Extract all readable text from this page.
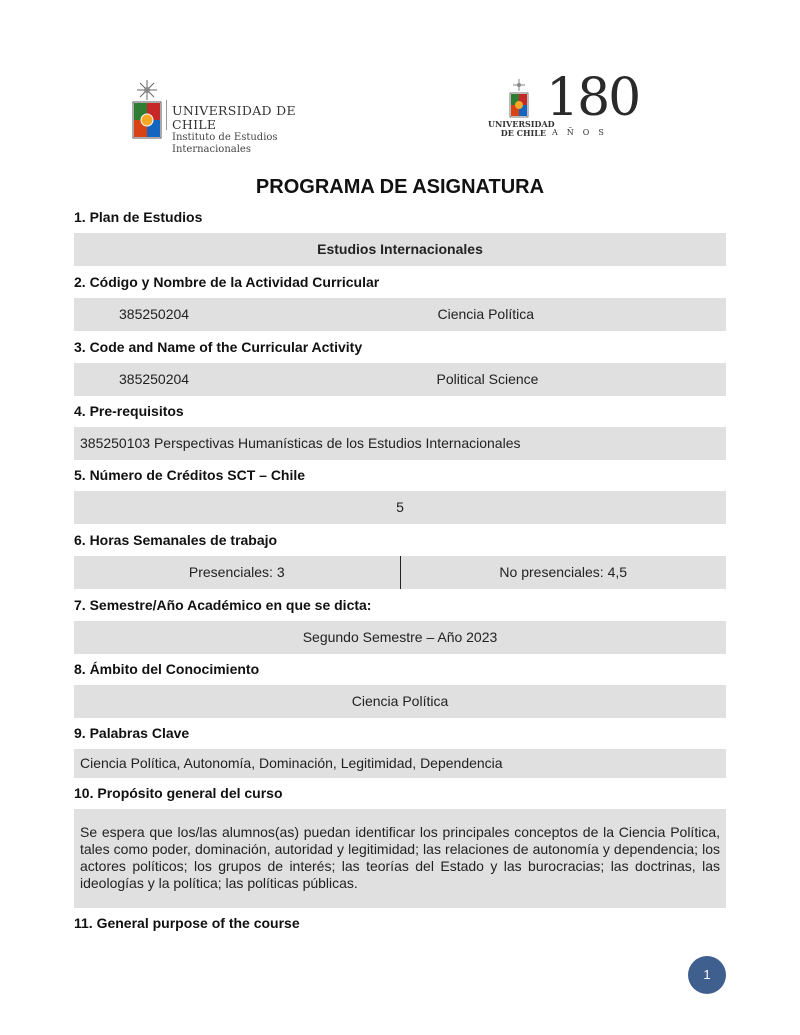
UNIVERSIDAD DE CHILE
Instituto de Estudios Internacionales
180
UNIVERSIDAD
DE CHILE AÑOS
PROGRAMA DE ASIGNATURA
1. Plan de Estudios
Estudios Internacionales
2. Código y Nombre de la Actividad Curricular
385250204	Ciencia Política
3. Code and Name of the Curricular Activity
385250204	Political Science
4. Pre-requisitos
385250103 Perspectivas Humanísticas de los Estudios Internacionales
5. Número de Créditos SCT – Chile
5
6. Horas Semanales de trabajo
Presenciales: 3	No presenciales: 4,5
7. Semestre/Año Académico en que se dicta:
Segundo Semestre – Año 2023
8. Ámbito del Conocimiento
Ciencia Política
9. Palabras Clave
Ciencia Política, Autonomía, Dominación, Legitimidad, Dependencia
10. Propósito general del curso
Se espera que los/las alumnos(as) puedan identificar los principales conceptos de la Ciencia Política, tales como poder, dominación, autoridad y legitimidad; las relaciones de autonomía y dependencia; los actores políticos; los grupos de interés; las teorías del Estado y las burocracias; las doctrinas, las ideologías y la política; las políticas públicas.
11. General purpose of the course
1
